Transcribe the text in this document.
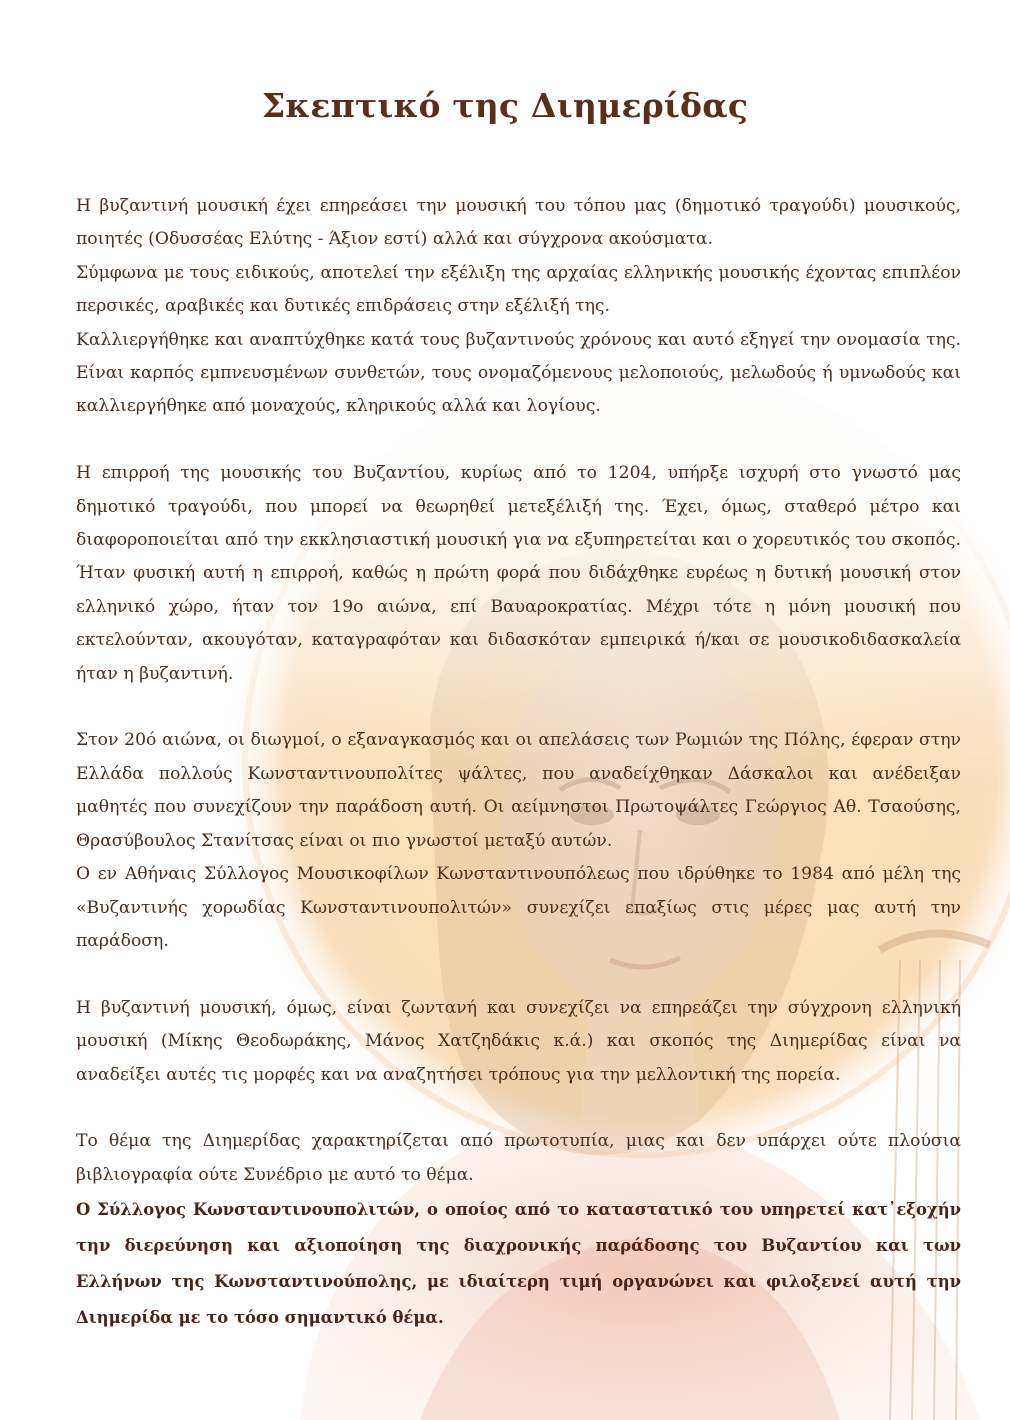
Σκεπτικό της Διημερίδας

Η βυζαντινή μουσική έχει επηρεάσει την μουσική του τόπου μας (δημοτικό τραγούδι) μουσικούς, ποιητές (Οδυσσέας Ελύτης - Άξιον εστί) αλλά και σύγχρονα ακούσματα.

Σύμφωνα με τους ειδικούς, αποτελεί την εξέλιξη της αρχαίας ελληνικής μουσικής έχοντας επιπλέον περσικές, αραβικές και δυτικές επιδράσεις στην εξέλιξή της.

Καλλιεργήθηκε και αναπτύχθηκε κατά τους βυζαντινούς χρόνους και αυτό εξηγεί την ονομασία της. Είναι καρπός εμπνευσμένων συνθετών, τους ονομαζόμενους μελοποιούς, μελωδούς ή υμνωδούς και καλλιεργήθηκε από μοναχούς, κληρικούς αλλά και λογίους.

Η επιρροή της μουσικής του Βυζαντίου, κυρίως από το 1204, υπήρξε ισχυρή στο γνωστό μας δημοτικό τραγούδι, που μπορεί να θεωρηθεί μετεξέλιξή της. Έχει, όμως, σταθερό μέτρο και διαφοροποιείται από την εκκλησιαστική μουσική για να εξυπηρετείται και ο χορευτικός του σκοπός. Ήταν φυσική αυτή η επιρροή, καθώς η πρώτη φορά που διδάχθηκε ευρέως η δυτική μουσική στον ελληνικό χώρο, ήταν τον 19ο αιώνα, επί Βαυαροκρατίας. Μέχρι τότε η μόνη μουσική που εκτελούνταν, ακουγόταν, καταγραφόταν και διδασκόταν εμπειρικά ή/και σε μουσικοδιδασκαλεία ήταν η βυζαντινή.

Στον 20ό αιώνα, οι διωγμοί, ο εξαναγκασμός και οι απελάσεις των Ρωμιών της Πόλης, έφεραν στην Ελλάδα πολλούς Κωνσταντινουπολίτες ψάλτες, που αναδείχθηκαν Δάσκαλοι και ανέδειξαν μαθητές που συνεχίζουν την παράδοση αυτή. Οι αείμνηστοι Πρωτοψάλτες Γεώργιος Αθ. Τσαούσης, Θρασύβουλος Στανίτσας είναι οι πιο γνωστοί μεταξύ αυτών.

Ο εν Αθήναις Σύλλογος Μουσικοφίλων Κωνσταντινουπόλεως που ιδρύθηκε το 1984 από μέλη της «Βυζαντινής χορωδίας Κωνσταντινουπολιτών» συνεχίζει επαξίως στις μέρες μας αυτή την παράδοση.

Η βυζαντινή μουσική, όμως, είναι ζωντανή και συνεχίζει να επηρεάζει την σύγχρονη ελληνική μουσική (Μίκης Θεοδωράκης, Μάνος Χατζηδάκις κ.ά.) και σκοπός της Διημερίδας είναι να αναδείξει αυτές τις μορφές και να αναζητήσει τρόπους για την μελλοντική της πορεία.

Το θέμα της Διημερίδας χαρακτηρίζεται από πρωτοτυπία, μιας και δεν υπάρχει ούτε πλούσια βιβλιογραφία ούτε Συνέδριο με αυτό το θέμα.

Ο Σύλλογος Κωνσταντινουπολιτών, ο οποίος από το καταστατικό του υπηρετεί κατ᾽εξοχήν την διερεύνηση και αξιοποίηση της διαχρονικής παράδοσης του Βυζαντίου και των Ελλήνων της Κωνσταντινούπολης, με ιδιαίτερη τιμή οργανώνει και φιλοξενεί αυτή την Διημερίδα με το τόσο σημαντικό θέμα.
